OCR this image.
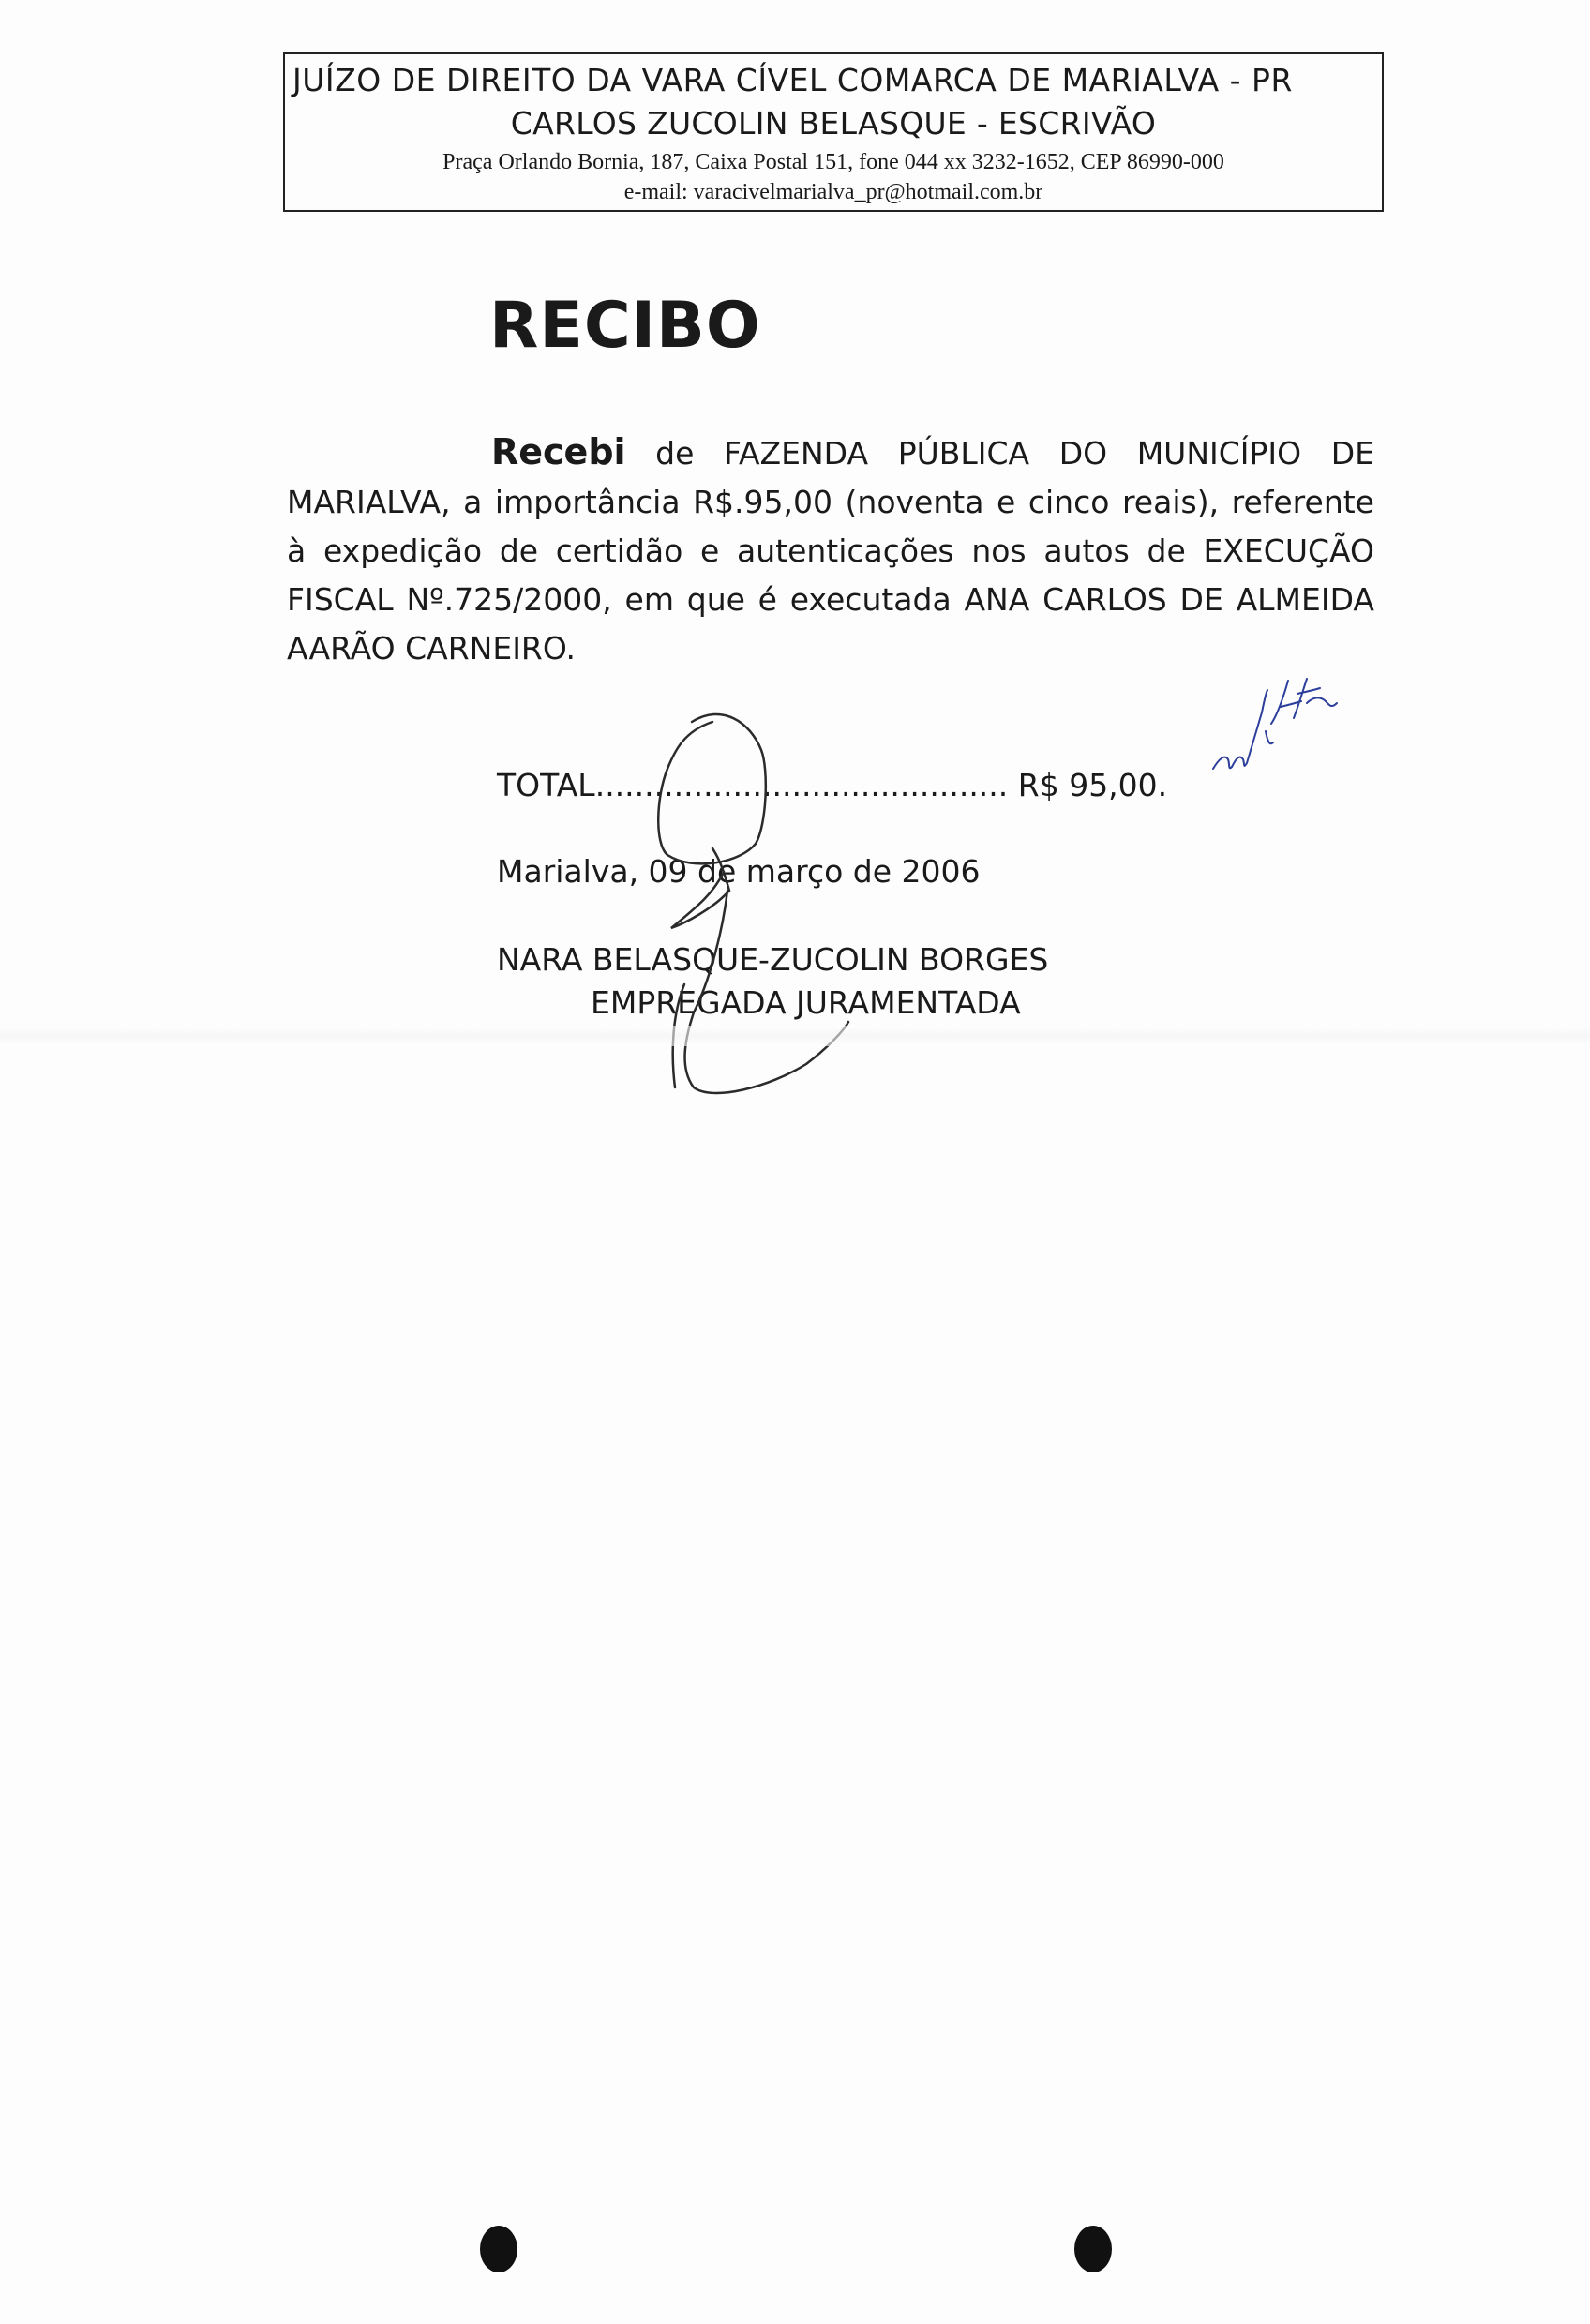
JUÍZO DE DIREITO DA VARA CÍVEL COMARCA DE MARIALVA - PR
CARLOS ZUCOLIN BELASQUE - ESCRIVÃO
Praça Orlando Bornia, 187, Caixa Postal 151, fone 044 xx 3232-1652, CEP 86990-000
e-mail: varacivelmarialva_pr@hotmail.com.br
RECIBO
Recebi de FAZENDA PÚBLICA DO MUNICÍPIO DE MARIALVA, a importância R$.95,00 (noventa e cinco reais), referente à expedição de certidão e autenticações nos autos de EXECUÇÃO FISCAL Nº.725/2000, em que é executada ANA CARLOS DE ALMEIDA AARÃO CARNEIRO.
TOTAL.......................................... R$ 95,00.
Marialva, 09 de março de 2006
NARA BELASQUE-ZUCOLIN BORGES
EMPREGADA JURAMENTADA
